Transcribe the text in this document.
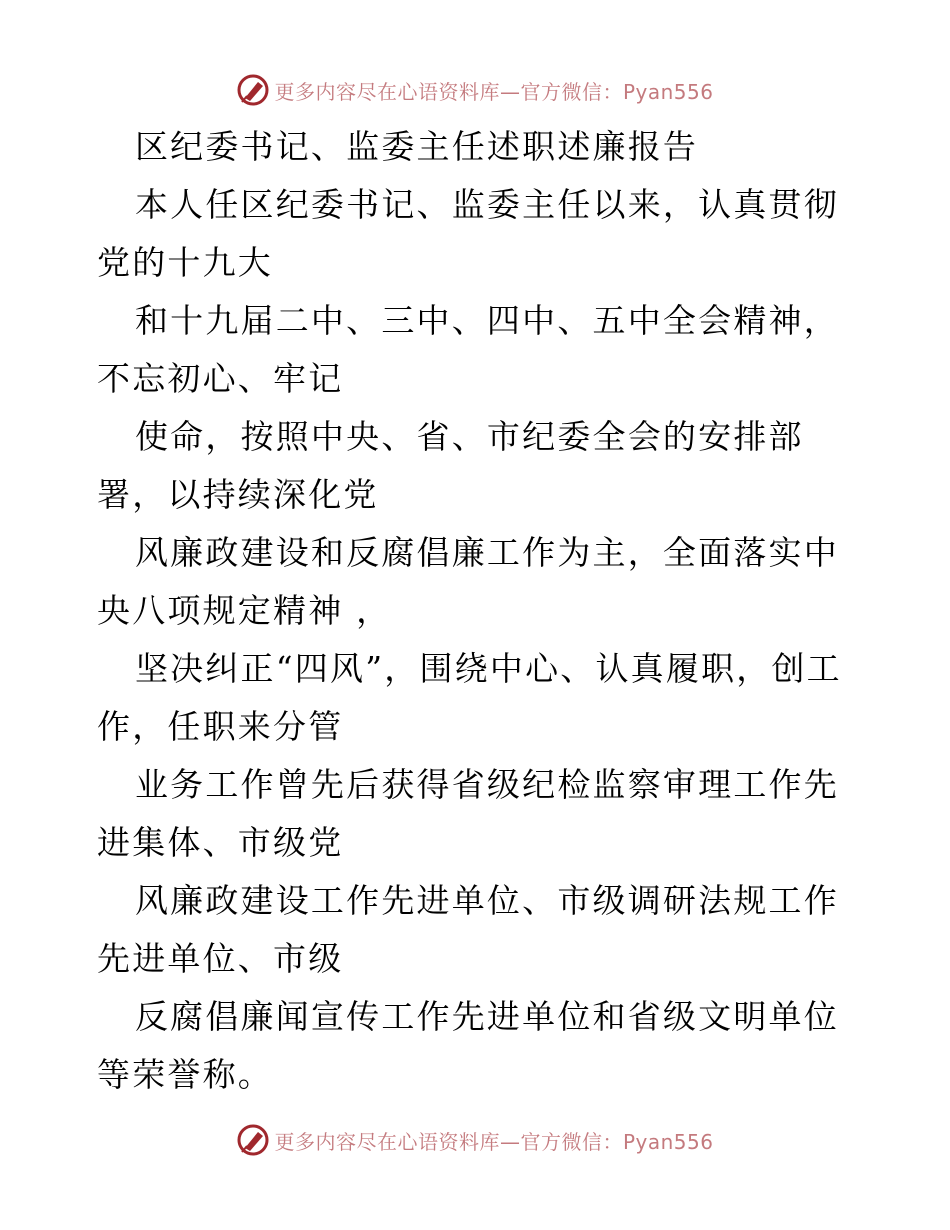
更多内容尽在心语资料库—官方微信：Pyan556

区纪委书记、监委主任述职述廉报告

本人任区纪委书记、监委主任以来，认真贯彻党的十九大

和十九届二中、三中、四中、五中全会精神，不忘初心、牢记

使命，按照中央、省、市纪委全会的安排部署，以持续深化党

风廉政建设和反腐倡廉工作为主，全面落实中央八项规定精神 ，

坚决纠正“四风”，围绕中心、认真履职，创工作，任职来分管

业务工作曾先后获得省级纪检监察审理工作先进集体、市级党

风廉政建设工作先进单位、市级调研法规工作先进单位、市级

反腐倡廉闻宣传工作先进单位和省级文明单位等荣誉称。

更多内容尽在心语资料库—官方微信：Pyan556
